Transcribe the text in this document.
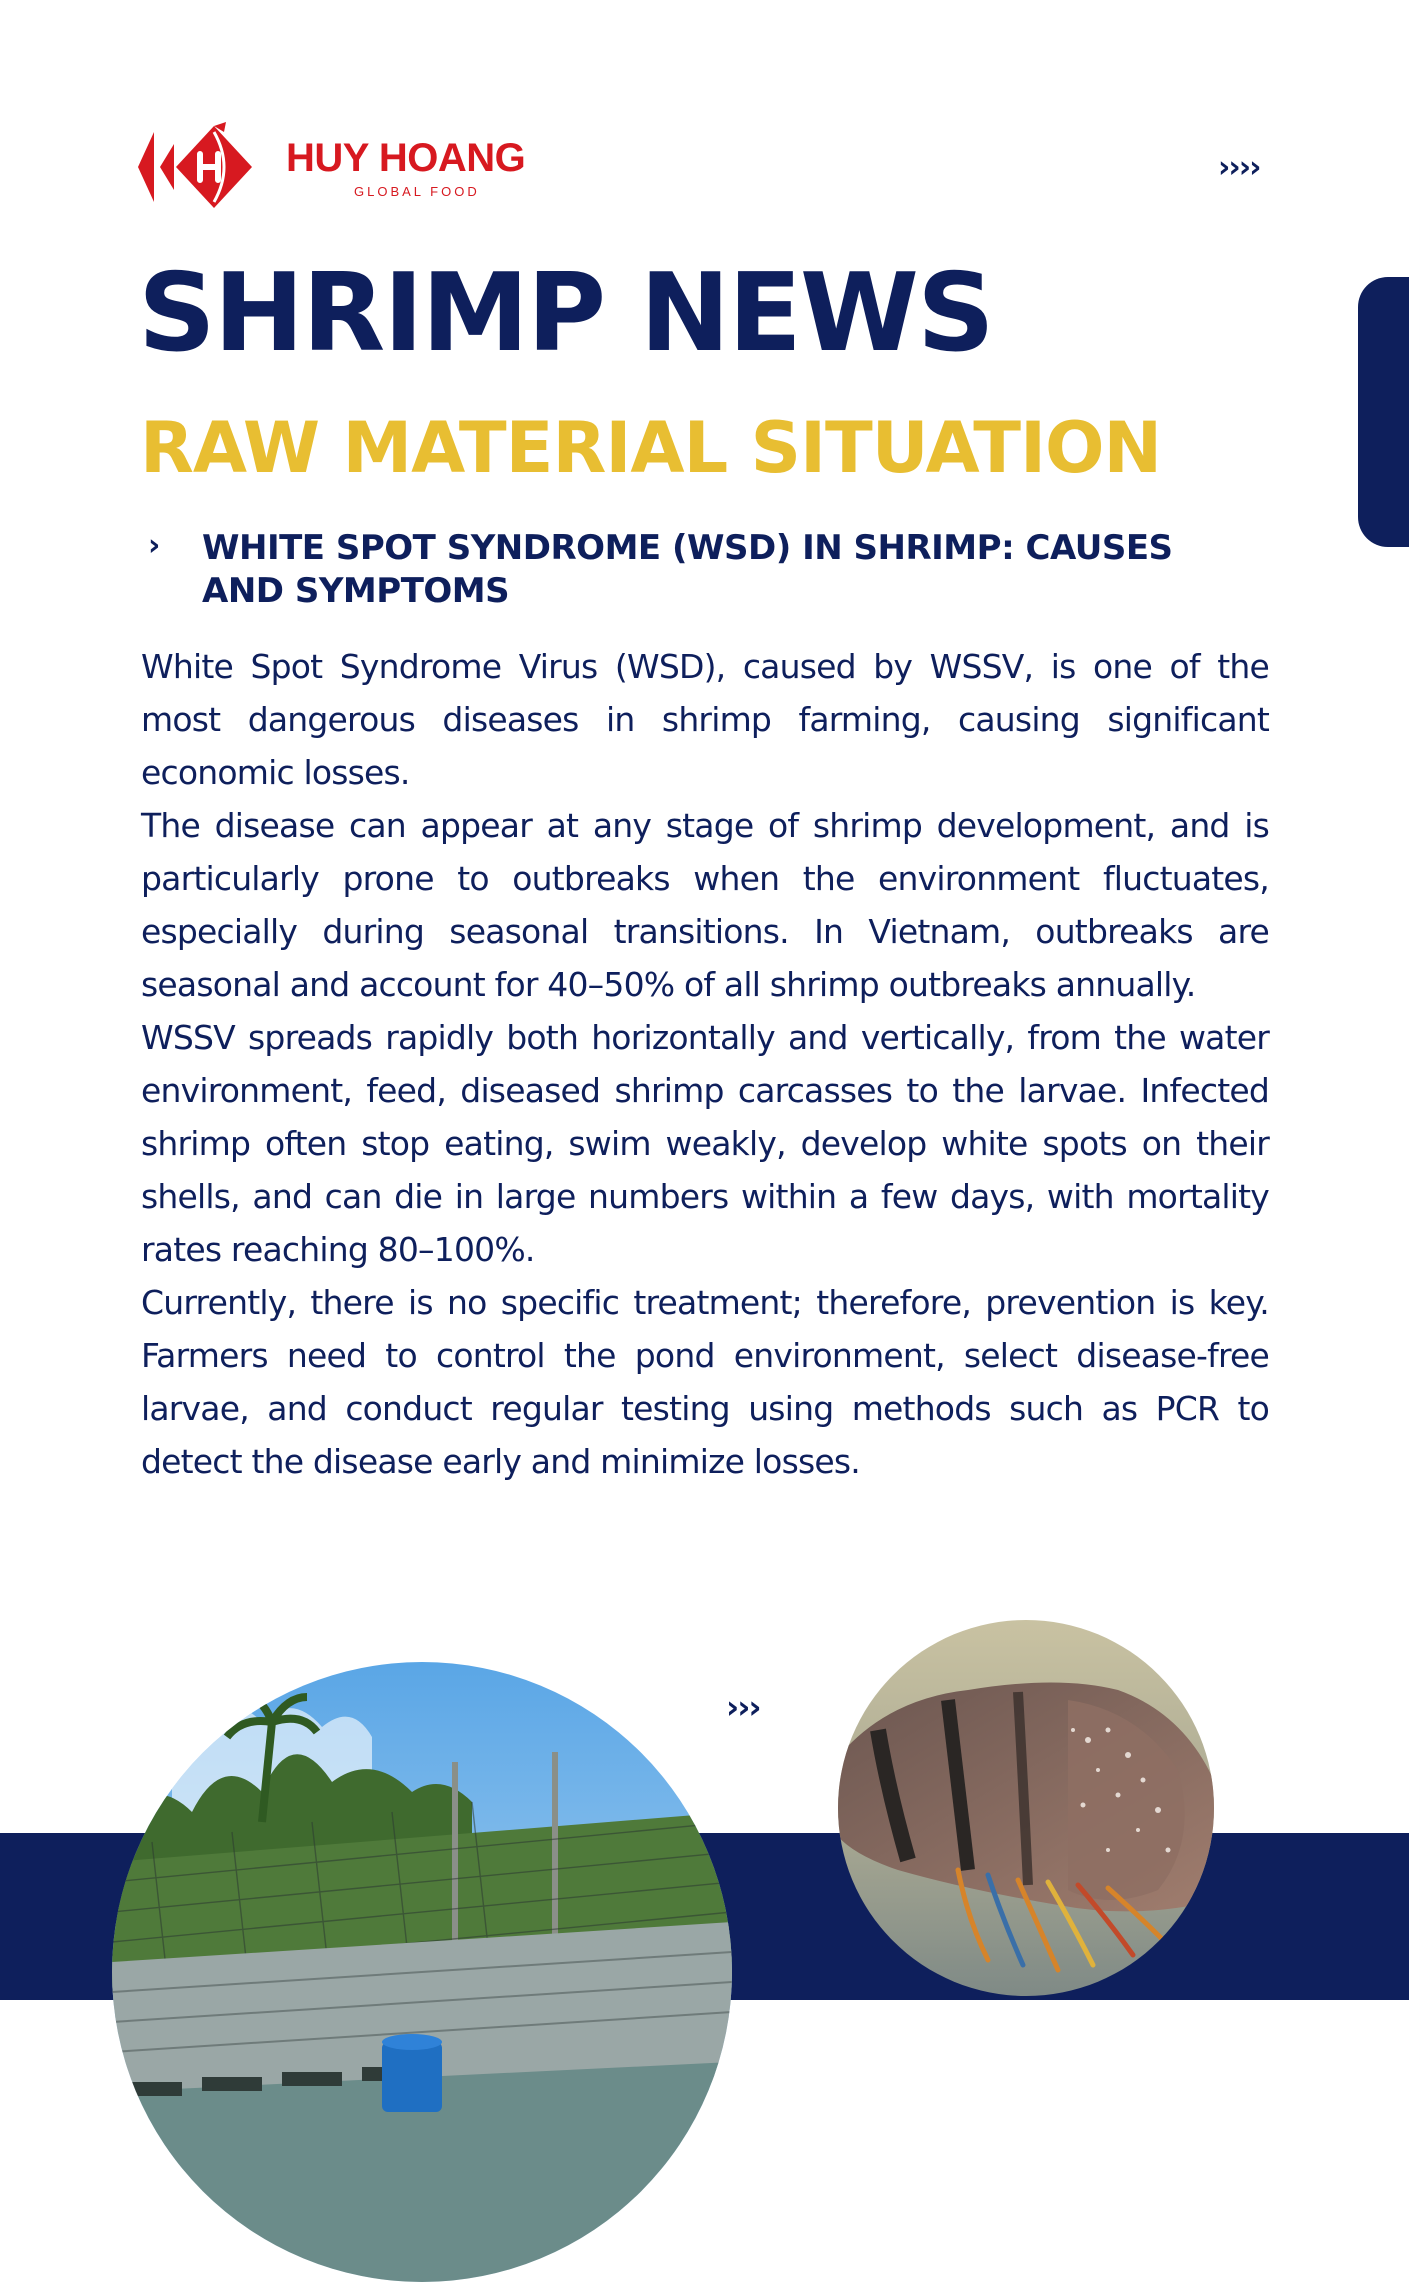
HUY HOANG
GLOBAL FOOD
››››
SHRIMP NEWS
RAW MATERIAL SITUATION
› WHITE SPOT SYNDROME (WSD) IN SHRIMP: CAUSES AND SYMPTOMS

White Spot Syndrome Virus (WSD), caused by WSSV, is one of the most dangerous diseases in shrimp farming, causing significant economic losses.

The disease can appear at any stage of shrimp development, and is particularly prone to outbreaks when the environment fluctuates, especially during seasonal transitions. In Vietnam, outbreaks are seasonal and account for 40–50% of all shrimp outbreaks annually.

WSSV spreads rapidly both horizontally and vertically, from the water environment, feed, diseased shrimp carcasses to the larvae. Infected shrimp often stop eating, swim weakly, develop white spots on their shells, and can die in large numbers within a few days, with mortality rates reaching 80–100%.

Currently, there is no specific treatment; therefore, prevention is key. Farmers need to control the pond environment, select disease-free larvae, and conduct regular testing using methods such as PCR to detect the disease early and minimize losses.

›››
